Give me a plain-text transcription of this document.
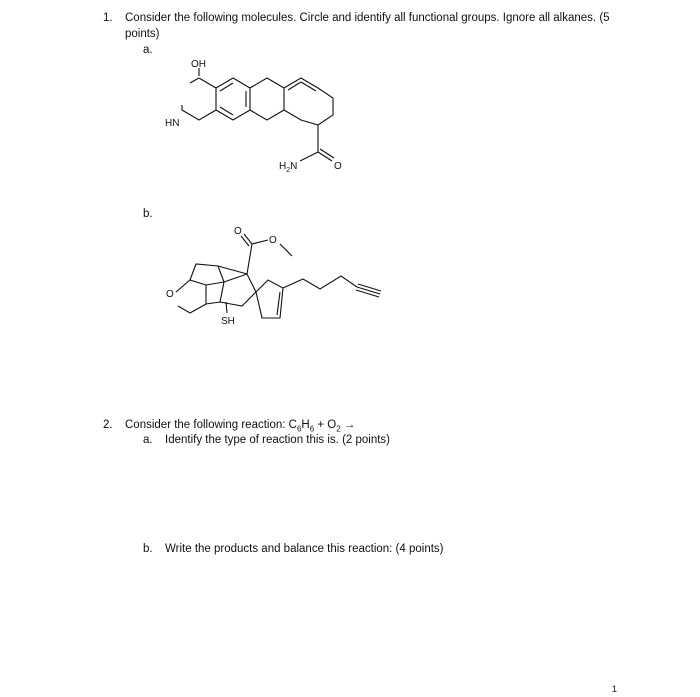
1. Consider the following molecules. Circle and identify all functional groups. Ignore all alkanes. (5
points)
a.
b.
OH
HN
$H_2N$	O
O
O
O
SH
2. Consider the following reaction: $C_6H_6 + O_2$ →
a. Identify the type of reaction this is. (2 points)
b. Write the products and balance this reaction: (4 points)
1
